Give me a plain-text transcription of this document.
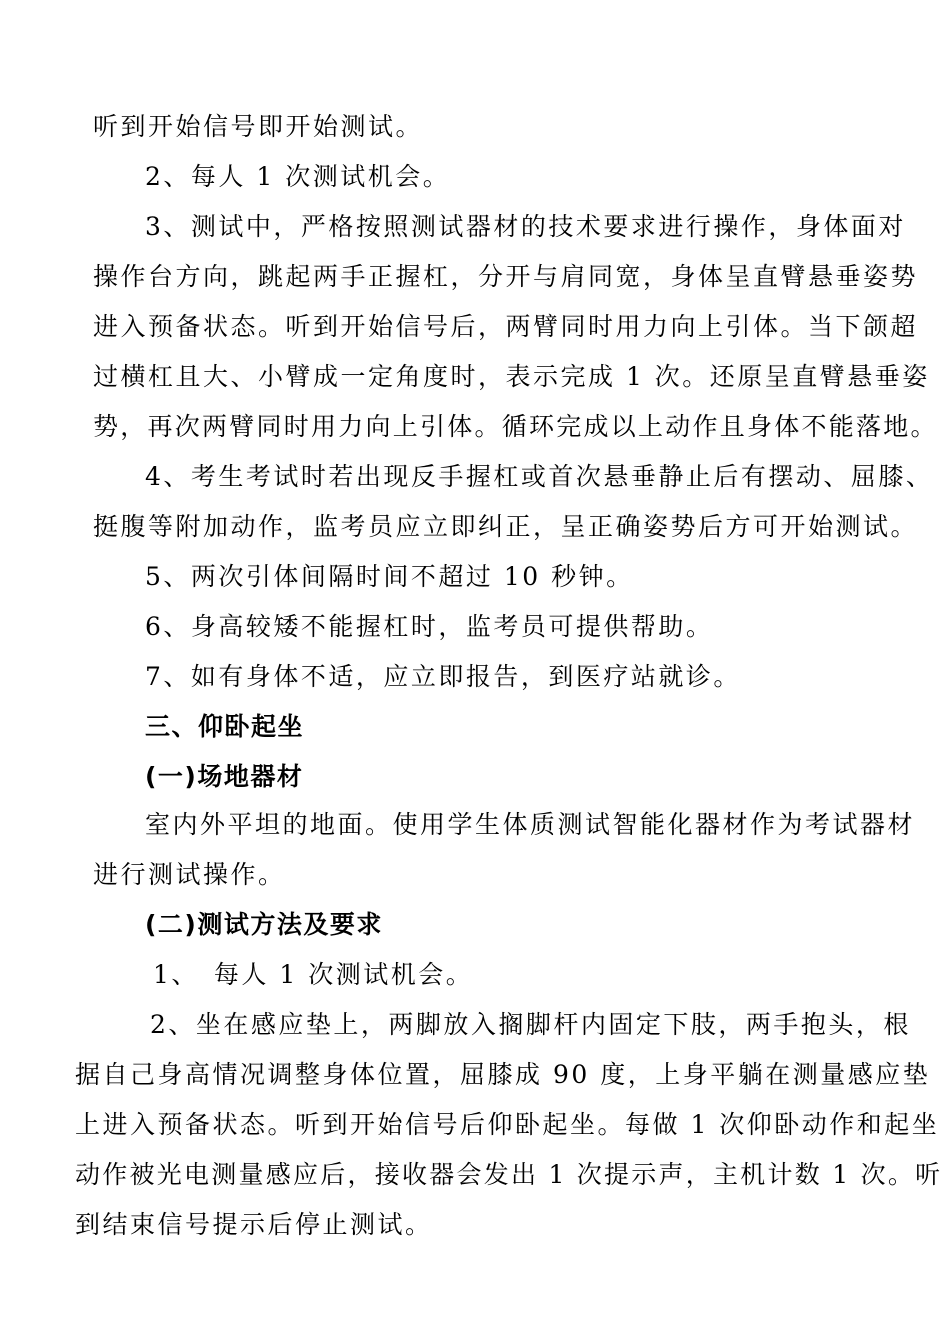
听到开始信号即开始测试。

2、每人 1 次测试机会。

3、测试中，严格按照测试器材的技术要求进行操作，身体面对

操作台方向，跳起两手正握杠，分开与肩同宽，身体呈直臂悬垂姿势

进入预备状态。听到开始信号后，两臂同时用力向上引体。当下颌超

过横杠且大、小臂成一定角度时，表示完成 1 次。还原呈直臂悬垂姿

势，再次两臂同时用力向上引体。循环完成以上动作且身体不能落地。

4、考生考试时若出现反手握杠或首次悬垂静止后有摆动、屈膝、

挺腹等附加动作，监考员应立即纠正，呈正确姿势后方可开始测试。

5、两次引体间隔时间不超过 10 秒钟。

6、身高较矮不能握杠时，监考员可提供帮助。

7、如有身体不适，应立即报告，到医疗站就诊。

三、仰卧起坐

(一)场地器材

室内外平坦的地面。使用学生体质测试智能化器材作为考试器材

进行测试操作。

(二)测试方法及要求

1、　每人 1 次测试机会。

2、坐在感应垫上，两脚放入搁脚杆内固定下肢，两手抱头，根

据自己身高情况调整身体位置，屈膝成 90 度，上身平躺在测量感应垫

上进入预备状态。听到开始信号后仰卧起坐。每做 1 次仰卧动作和起坐

动作被光电测量感应后，接收器会发出 1 次提示声，主机计数 1 次。听

到结束信号提示后停止测试。
